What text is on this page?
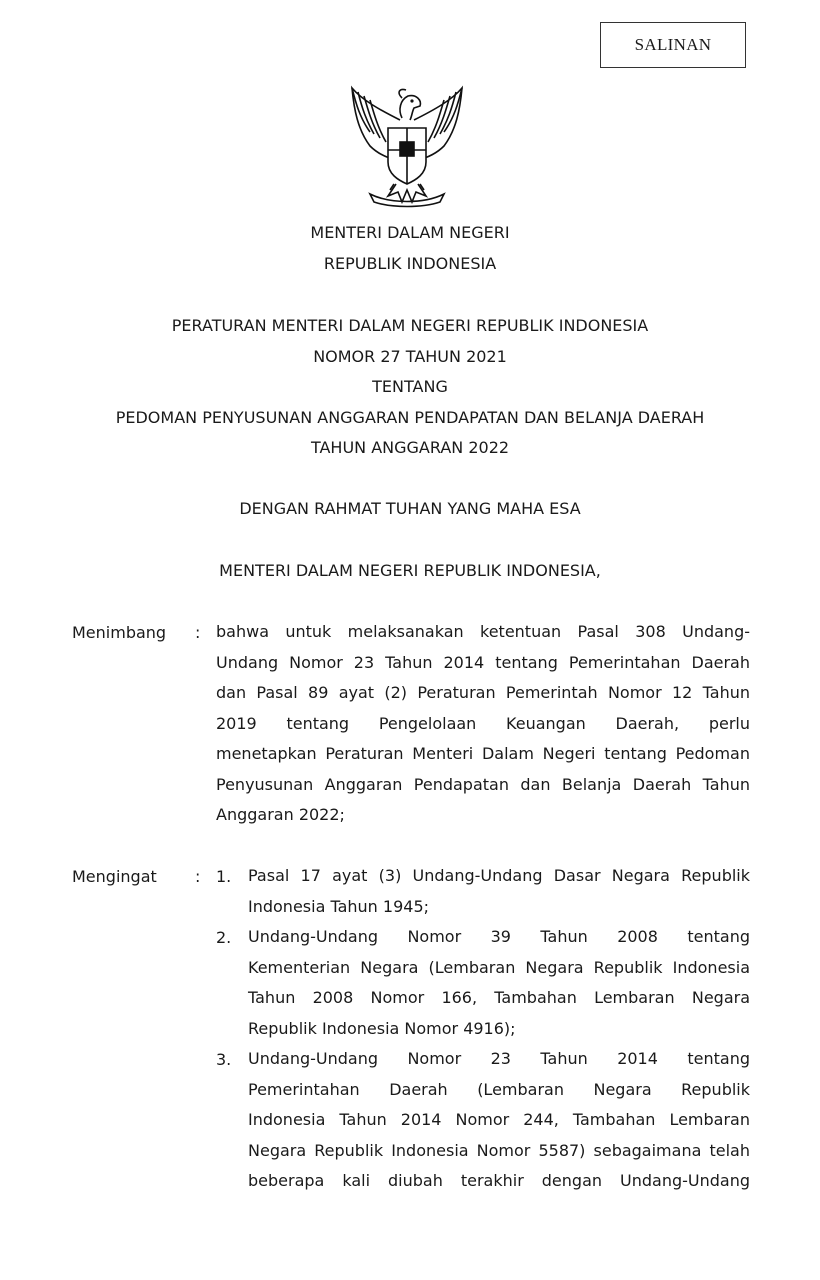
SALINAN
MENTERI DALAM NEGERI
REPUBLIK INDONESIA
PERATURAN MENTERI DALAM NEGERI REPUBLIK INDONESIA
NOMOR 27 TAHUN 2021
TENTANG
PEDOMAN PENYUSUNAN ANGGARAN PENDAPATAN DAN BELANJA DAERAH
TAHUN ANGGARAN 2022
DENGAN RAHMAT TUHAN YANG MAHA ESA
MENTERI DALAM NEGERI REPUBLIK INDONESIA,
Menimbang : bahwa untuk melaksanakan ketentuan Pasal 308 Undang-
Undang Nomor 23 Tahun 2014 tentang Pemerintahan Daerah
dan Pasal 89 ayat (2) Peraturan Pemerintah Nomor 12 Tahun
2019 tentang Pengelolaan Keuangan Daerah, perlu
menetapkan Peraturan Menteri Dalam Negeri tentang Pedoman
Penyusunan Anggaran Pendapatan dan Belanja Daerah Tahun
Anggaran 2022;
Mengingat : 1. Pasal 17 ayat (3) Undang-Undang Dasar Negara Republik
Indonesia Tahun 1945;
2. Undang-Undang Nomor 39 Tahun 2008 tentang
Kementerian Negara (Lembaran Negara Republik Indonesia
Tahun 2008 Nomor 166, Tambahan Lembaran Negara
Republik Indonesia Nomor 4916);
3. Undang-Undang Nomor 23 Tahun 2014 tentang
Pemerintahan Daerah (Lembaran Negara Republik
Indonesia Tahun 2014 Nomor 244, Tambahan Lembaran
Negara Republik Indonesia Nomor 5587) sebagaimana telah
beberapa kali diubah terakhir dengan Undang-Undang
